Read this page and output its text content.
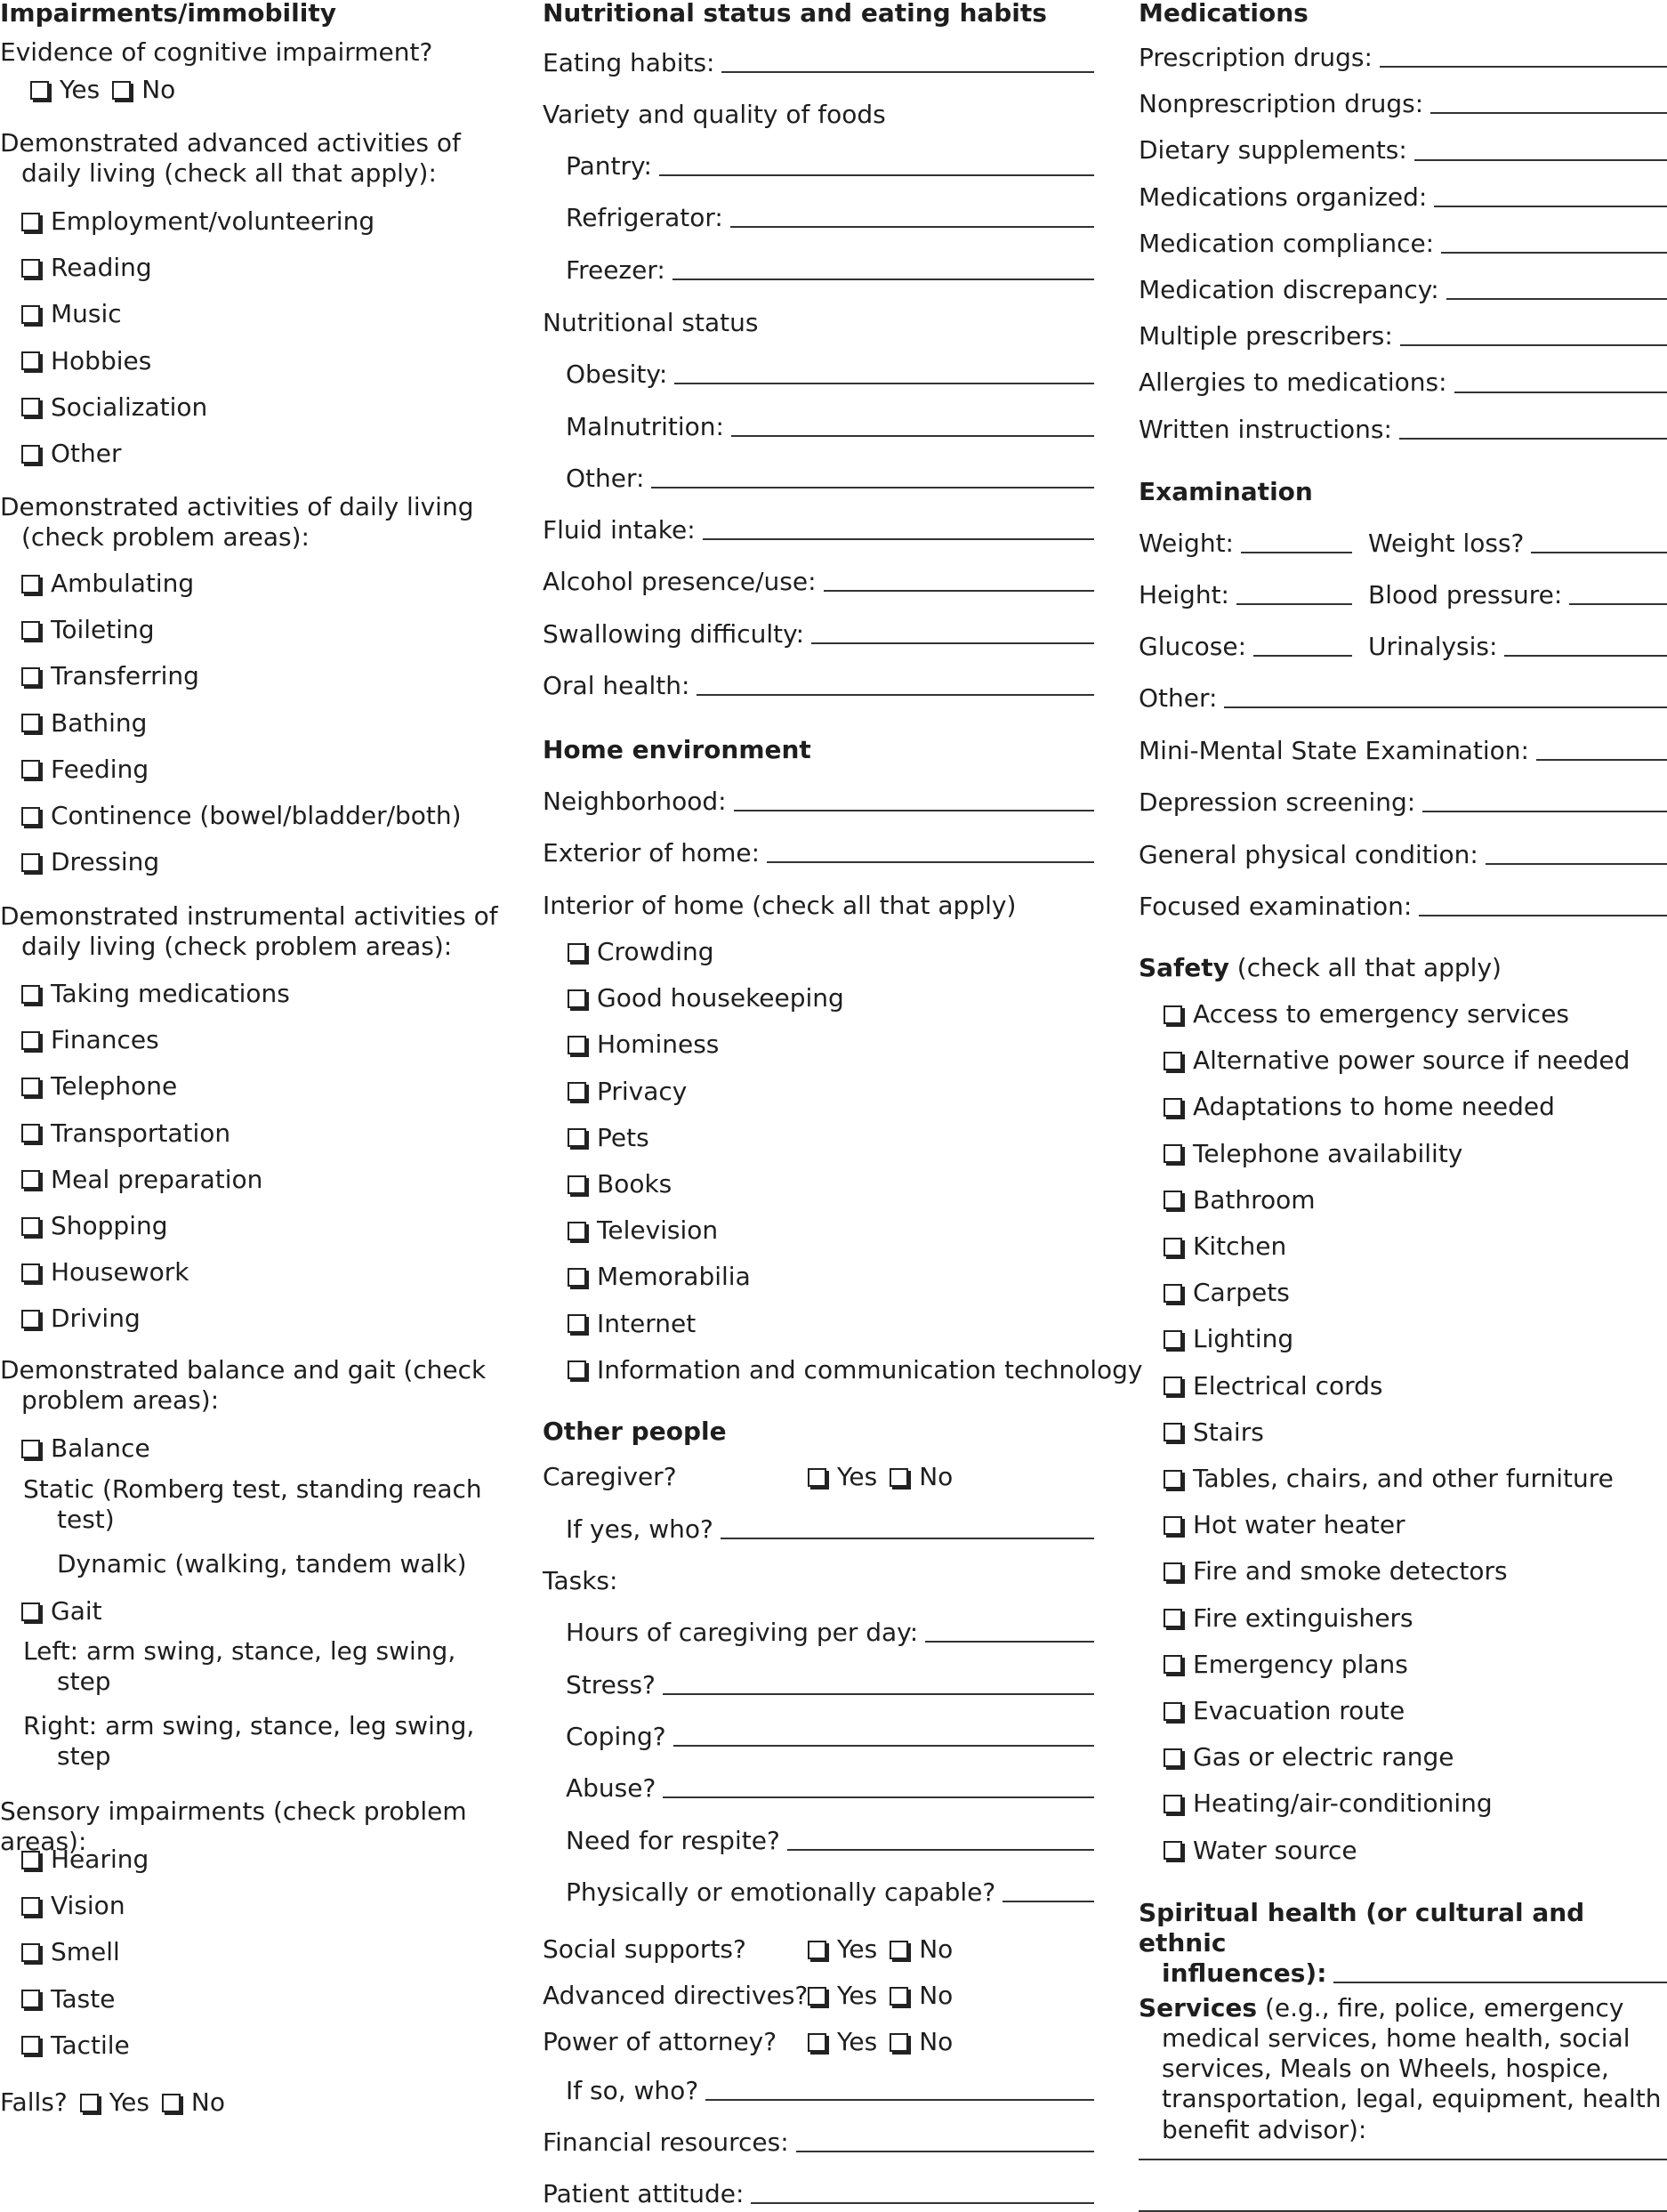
Impairments/immobility
Evidence of cognitive impairment?
Yes No
Demonstrated advanced activities of daily living (check all that apply):
Employment/volunteering
Reading
Music
Hobbies
Socialization
Other
Demonstrated activities of daily living (check problem areas):
Ambulating
Toileting
Transferring
Bathing
Feeding
Continence (bowel/bladder/both)
Dressing
Demonstrated instrumental activities of daily living (check problem areas):
Taking medications
Finances
Telephone
Transportation
Meal preparation
Shopping
Housework
Driving
Demonstrated balance and gait (check problem areas):
Balance
Static (Romberg test, standing reach test)
Dynamic (walking, tandem walk)
Gait
Left: arm swing, stance, leg swing, step
Right: arm swing, stance, leg swing, step
Sensory impairments (check problem areas):
Hearing
Vision
Smell
Taste
Tactile
Falls? Yes No
Nutritional status and eating habits
Eating habits:
Variety and quality of foods
Pantry:
Refrigerator:
Freezer:
Nutritional status
Obesity:
Malnutrition:
Other:
Fluid intake:
Alcohol presence/use:
Swallowing difficulty:
Oral health:
Home environment
Neighborhood:
Exterior of home:
Interior of home (check all that apply)
Crowding
Good housekeeping
Hominess
Privacy
Pets
Books
Television
Memorabilia
Internet
Information and communication technology
Other people
Caregiver?	Yes No
If yes, who?
Tasks:
Hours of caregiving per day:
Stress?
Coping?
Abuse?
Need for respite?
Physically or emotionally capable?
Social supports?	Yes No
Advanced directives? Yes No
Power of attorney?	Yes No
If so, who?
Financial resources:
Patient attitude:
Medications
Prescription drugs:
Nonprescription drugs:
Dietary supplements:
Medications organized:
Medication compliance:
Medication discrepancy:
Multiple prescribers:
Allergies to medications:
Written instructions:
Examination
Weight:	Weight loss?
Height:	Blood pressure:
Glucose:	Urinalysis:
Other:
Mini-Mental State Examination:
Depression screening:
General physical condition:
Focused examination:
Safety (check all that apply)
Access to emergency services
Alternative power source if needed
Adaptations to home needed
Telephone availability
Bathroom
Kitchen
Carpets
Lighting
Electrical cords
Stairs
Tables, chairs, and other furniture
Hot water heater
Fire and smoke detectors
Fire extinguishers
Emergency plans
Evacuation route
Gas or electric range
Heating/air-conditioning
Water source
Spiritual health (or cultural and ethnic
influences):
Services (e.g., fire, police, emergency medical services, home health, social services, Meals on Wheels, hospice, transportation, legal, equipment, health benefit advisor):
